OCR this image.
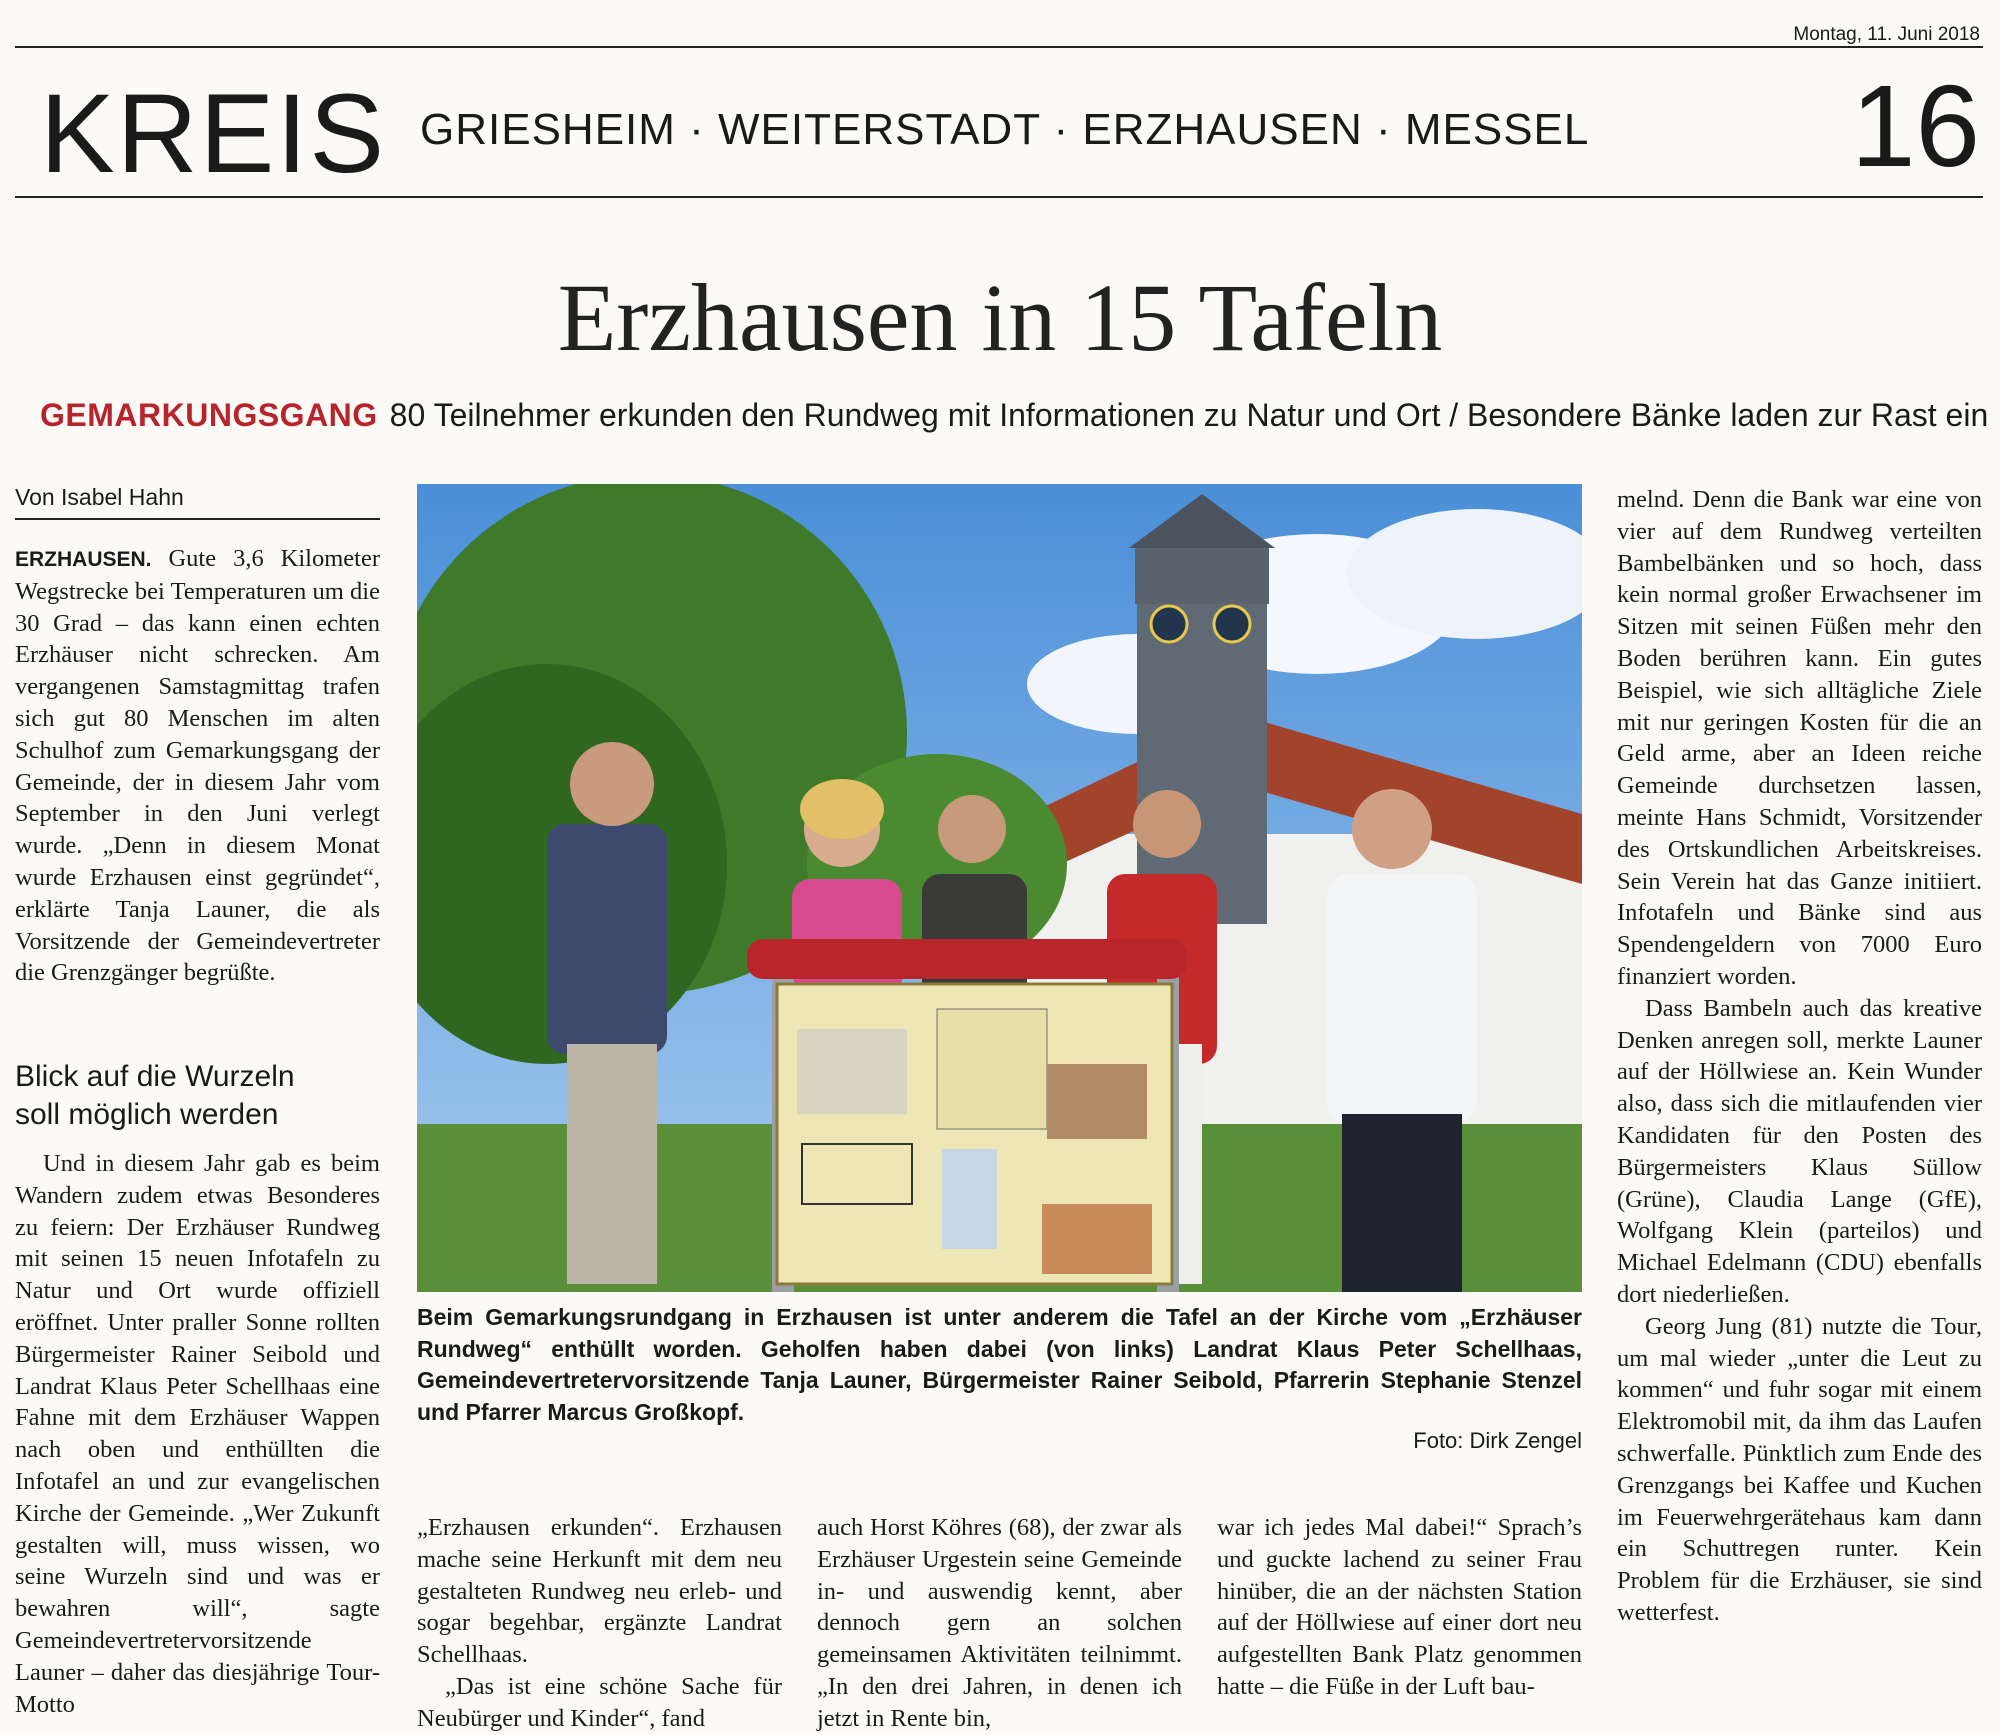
Montag, 11. Juni 2018
KREIS GRIESHEIM · WEITERSTADT · ERZHAUSEN · MESSEL 16
Erzhausen in 15 Tafeln
GEMARKUNGSGANG 80 Teilnehmer erkunden den Rundweg mit Informationen zu Natur und Ort / Besondere Bänke laden zur Rast ein
Von Isabel Hahn

ERZHAUSEN. Gute 3,6 Kilometer Wegstrecke bei Temperaturen um die 30 Grad – das kann einen echten Erzhäuser nicht schrecken. Am vergangenen Samstagmittag trafen sich gut 80 Menschen im alten Schulhof zum Gemarkungsgang der Gemeinde, der in diesem Jahr vom September in den Juni verlegt wurde. „Denn in diesem Monat wurde Erzhausen einst gegründet“, erklärte Tanja Launer, die als Vorsitzende der Gemeindevertreter die Grenzgänger begrüßte.

Blick auf die Wurzeln
soll möglich werden

Und in diesem Jahr gab es beim Wandern zudem etwas Besonderes zu feiern: Der Erzhäuser Rundweg mit seinen 15 neuen Infotafeln zu Natur und Ort wurde offiziell eröffnet. Unter praller Sonne rollten Bürgermeister Rainer Seibold und Landrat Klaus Peter Schellhaas eine Fahne mit dem Erzhäuser Wappen nach oben und enthüllten die Infotafel an und zur evangelischen Kirche der Gemeinde. „Wer Zukunft gestalten will, muss wissen, wo seine Wurzeln sind und was er bewahren will“, sagte Gemeindevertretervorsitzende Launer – daher das diesjährige Tour-Motto

Beim Gemarkungsrundgang in Erzhausen ist unter anderem die Tafel an der Kirche vom „Erzhäuser Rundweg“ enthüllt worden. Geholfen haben dabei (von links) Landrat Klaus Peter Schellhaas, Gemeindevertretervorsitzende Tanja Launer, Bürgermeister Rainer Seibold, Pfarrerin Stephanie Stenzel und Pfarrer Marcus Großkopf.
Foto: Dirk Zengel

„Erzhausen erkunden“. Erzhausen mache seine Herkunft mit dem neu gestalteten Rundweg neu erleb- und sogar begehbar, ergänzte Landrat Schellhaas.

„Das ist eine schöne Sache für Neubürger und Kinder“, fand

auch Horst Köhres (68), der zwar als Erzhäuser Urgestein seine Gemeinde in- und auswendig kennt, aber dennoch gern an solchen gemeinsamen Aktivitäten teilnimmt. „In den drei Jahren, in denen ich jetzt in Rente bin,

war ich jedes Mal dabei!“ Sprach’s und guckte lachend zu seiner Frau hinüber, die an der nächsten Station auf der Höllwiese auf einer dort neu aufgestellten Bank Platz genommen hatte – die Füße in der Luft bau-

melnd. Denn die Bank war eine von vier auf dem Rundweg verteilten Bambelbänken und so hoch, dass kein normal großer Erwachsener im Sitzen mit seinen Füßen mehr den Boden berühren kann. Ein gutes Beispiel, wie sich alltägliche Ziele mit nur geringen Kosten für die an Geld arme, aber an Ideen reiche Gemeinde durchsetzen lassen, meinte Hans Schmidt, Vorsitzender des Ortskundlichen Arbeitskreises. Sein Verein hat das Ganze initiiert. Infotafeln und Bänke sind aus Spendengeldern von 7000 Euro finanziert worden.

Dass Bambeln auch das kreative Denken anregen soll, merkte Launer auf der Höllwiese an. Kein Wunder also, dass sich die mitlaufenden vier Kandidaten für den Posten des Bürgermeisters Klaus Süllow (Grüne), Claudia Lange (GfE), Wolfgang Klein (parteilos) und Michael Edelmann (CDU) ebenfalls dort niederließen.

Georg Jung (81) nutzte die Tour, um mal wieder „unter die Leut zu kommen“ und fuhr sogar mit einem Elektromobil mit, da ihm das Laufen schwerfalle. Pünktlich zum Ende des Grenzgangs bei Kaffee und Kuchen im Feuerwehrgerätehaus kam dann ein Schuttregen runter. Kein Problem für die Erzhäuser, sie sind wetterfest.
